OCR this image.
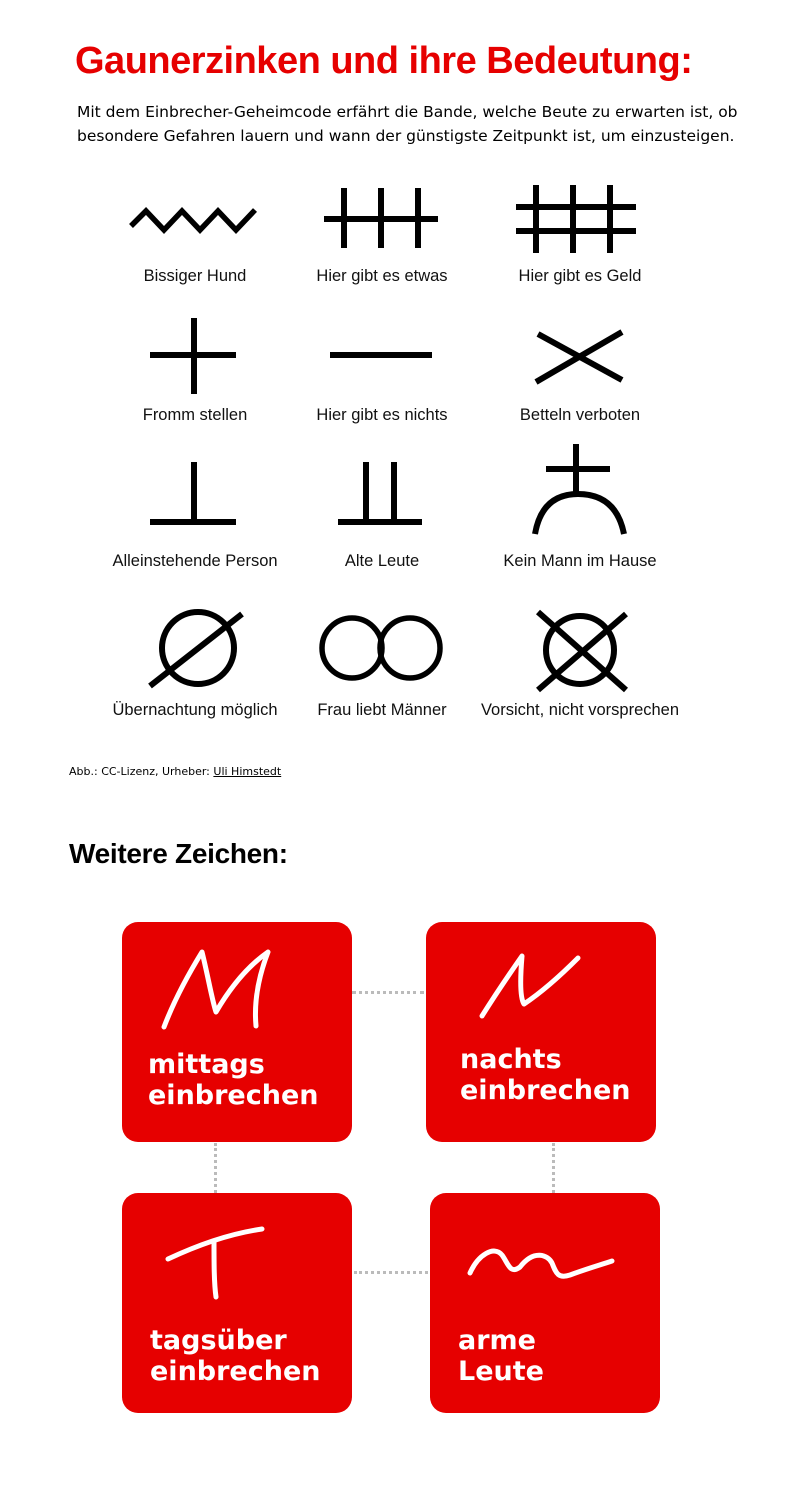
Gaunerzinken und ihre Bedeutung:

Mit dem Einbrecher-Geheimcode erfährt die Bande, welche Beute zu erwarten ist, ob
besondere Gefahren lauern und wann der günstigste Zeitpunkt ist, um einzusteigen.

Bissiger Hund	Hier gibt es etwas	Hier gibt es Geld
Fromm stellen	Hier gibt es nichts	Betteln verboten
Alleinstehende Person	Alte Leute	Kein Mann im Hause
Übernachtung möglich	Frau liebt Männer	Vorsicht, nicht vorsprechen
Abb.: CC-Lizenz, Urheber: Uli Himstedt
Weitere Zeichen:
mittags
einbrechen
nachts
einbrechen
tagsüber
einbrechen
arme
Leute
